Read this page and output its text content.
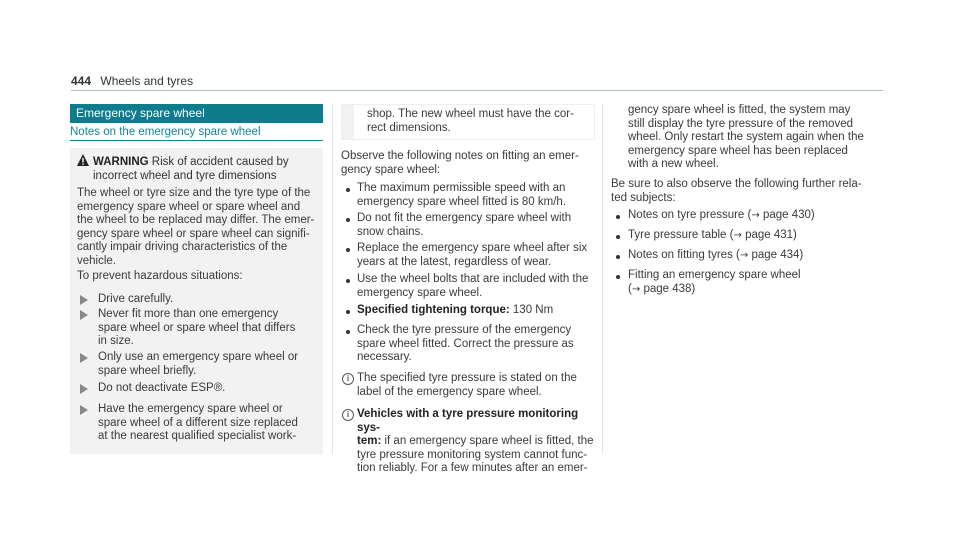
444 Wheels and tyres
Emergency spare wheel
Notes on the emergency spare wheel
WARNING Risk of accident caused by incorrect wheel and tyre dimensions
The wheel or tyre size and the tyre type of the
emergency spare wheel or spare wheel and
the wheel to be replaced may differ. The emer-
gency spare wheel or spare wheel can signifi-
cantly impair driving characteristics of the
vehicle.
To prevent hazardous situations:
Drive carefully.
Never fit more than one emergency
spare wheel or spare wheel that differs
in size.
Only use an emergency spare wheel or
spare wheel briefly.
Do not deactivate ESP®.
Have the emergency spare wheel or
spare wheel of a different size replaced
at the nearest qualified specialist work-
shop. The new wheel must have the cor-
rect dimensions.
Observe the following notes on fitting an emer-
gency spare wheel:
The maximum permissible speed with an
emergency spare wheel fitted is 80 km/h.
Do not fit the emergency spare wheel with
snow chains.
Replace the emergency spare wheel after six
years at the latest, regardless of wear.
Use the wheel bolts that are included with the
emergency spare wheel.
Specified tightening torque: 130 Nm
Check the tyre pressure of the emergency
spare wheel fitted. Correct the pressure as
necessary.
i The specified tyre pressure is stated on the
label of the emergency spare wheel.
i Vehicles with a tyre pressure monitoring sys-
tem: if an emergency spare wheel is fitted, the
tyre pressure monitoring system cannot func-
tion reliably. For a few minutes after an emer-
gency spare wheel is fitted, the system may
still display the tyre pressure of the removed
wheel. Only restart the system again when the
emergency spare wheel has been replaced
with a new wheel.
Be sure to also observe the following further rela-
ted subjects:
Notes on tyre pressure (→ page 430)
Tyre pressure table (→ page 431)
Notes on fitting tyres (→ page 434)
Fitting an emergency spare wheel
(→ page 438)
